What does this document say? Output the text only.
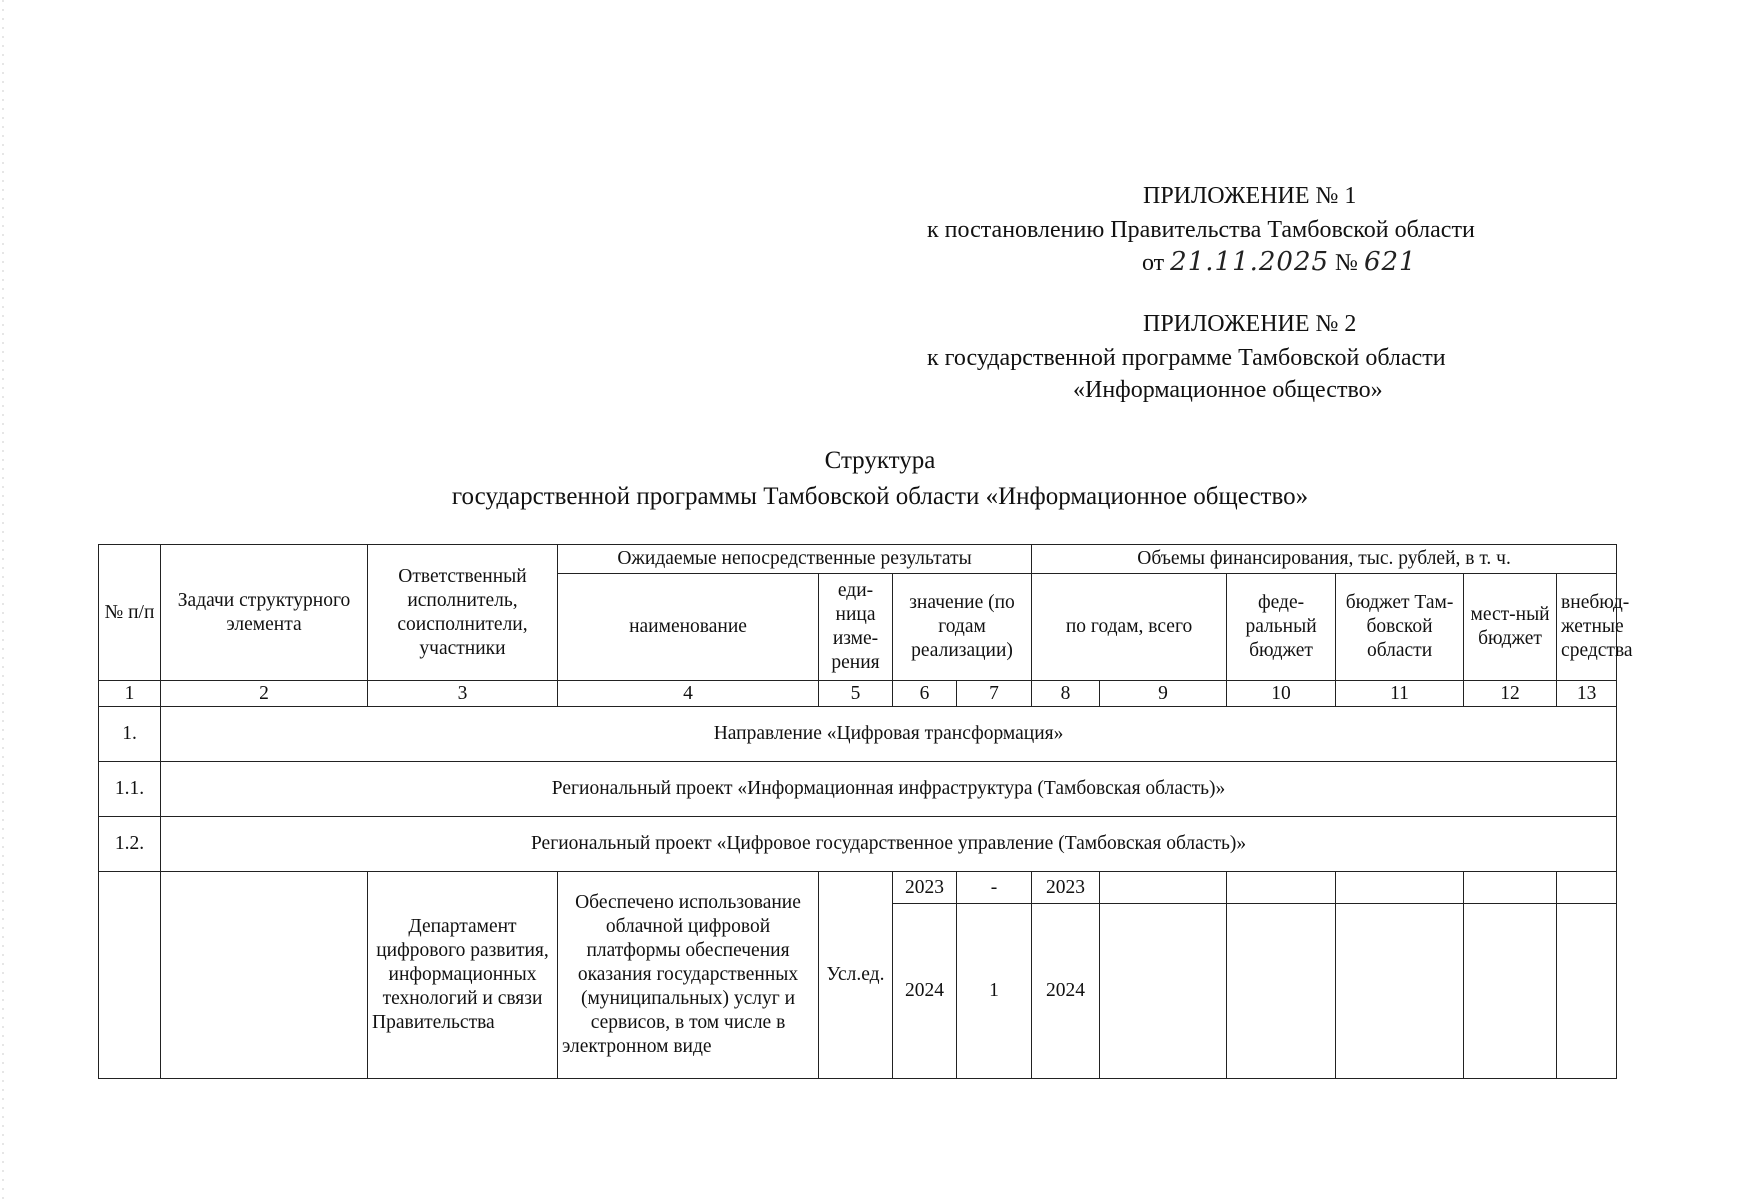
ПРИЛОЖЕНИЕ № 1
к постановлению Правительства Тамбовской области
от 21.11.2025 № 621
ПРИЛОЖЕНИЕ № 2
к государственной программе Тамбовской области
«Информационное общество»
Структура
государственной программы Тамбовской области «Информационное общество»
№ п/п	Задачи структурного элемента	Ответственный исполнитель, соисполнители, участники	Ожидаемые непосредственные результаты				Объемы финансирования, тыс. рублей, в т. ч.					
			наименование	еди-ница изме-рения	значение (по годам реализации)		по годам, всего		феде-ральный бюджет	бюджет Там-бовской области	мест-ный бюджет	внебюд-жетные средства
1	2	3	4	5	6	7	8	9	10	11	12	13
1.	Направление «Цифровая трансформация»											
1.1.	Региональный проект «Информационная инфраструктура (Тамбовская область)»											
1.2.	Региональный проект «Цифровое государственное управление (Тамбовская область)»											
		Департамент цифрового развития, информационных технологий и связи Правительства	Обеспечено использование облачной цифровой платформы обеспечения оказания государственных (муниципальных) услуг и сервисов, в том числе в электронном виде	Усл.ед.	2023	-	2023					
					2024	1	2024					
